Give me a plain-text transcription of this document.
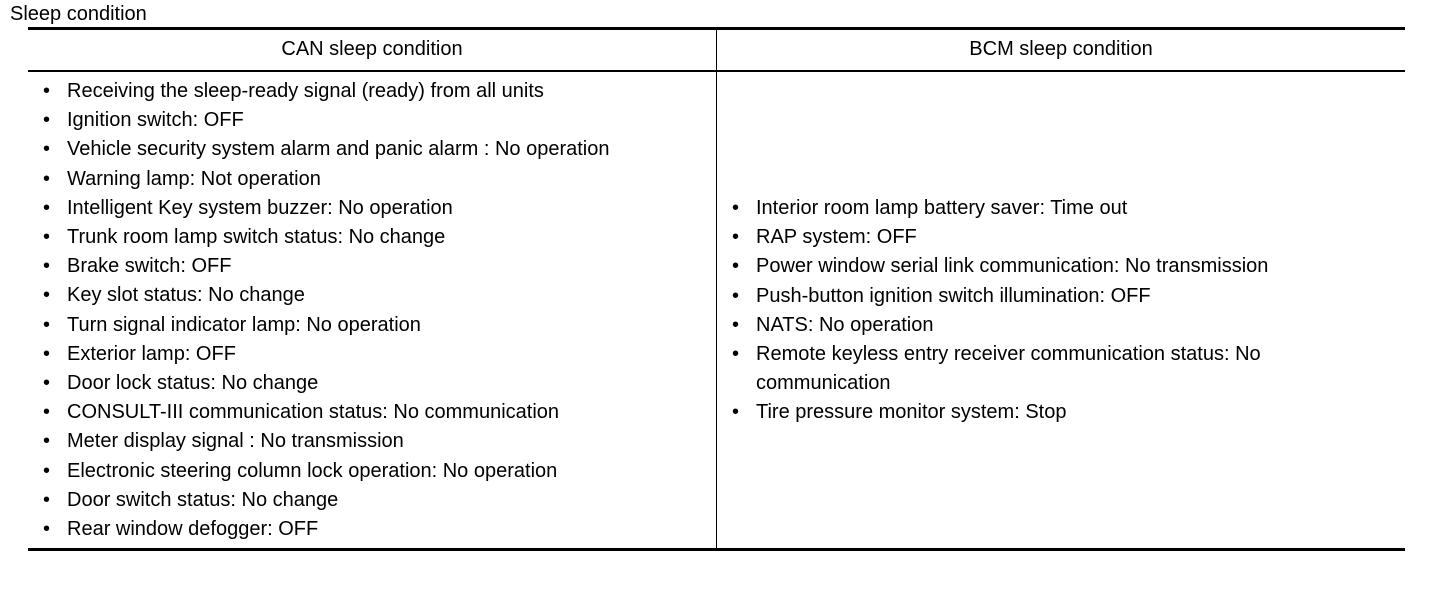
Sleep condition
CAN sleep condition	BCM sleep condition
• Receiving the sleep-ready signal (ready) from all units
• Ignition switch: OFF
• Vehicle security system alarm and panic alarm : No operation
• Warning lamp: Not operation
• Intelligent Key system buzzer: No operation
• Trunk room lamp switch status: No change
• Brake switch: OFF
• Key slot status: No change
• Turn signal indicator lamp: No operation
• Exterior lamp: OFF
• Door lock status: No change
• CONSULT-III communication status: No communication
• Meter display signal : No transmission
• Electronic steering column lock operation: No operation
• Door switch status: No change
• Rear window defogger: OFF
• Interior room lamp battery saver: Time out
• RAP system: OFF
• Power window serial link communication: No transmission
• Push-button ignition switch illumination: OFF
• NATS: No operation
• Remote keyless entry receiver communication status: No communication
• Tire pressure monitor system: Stop
